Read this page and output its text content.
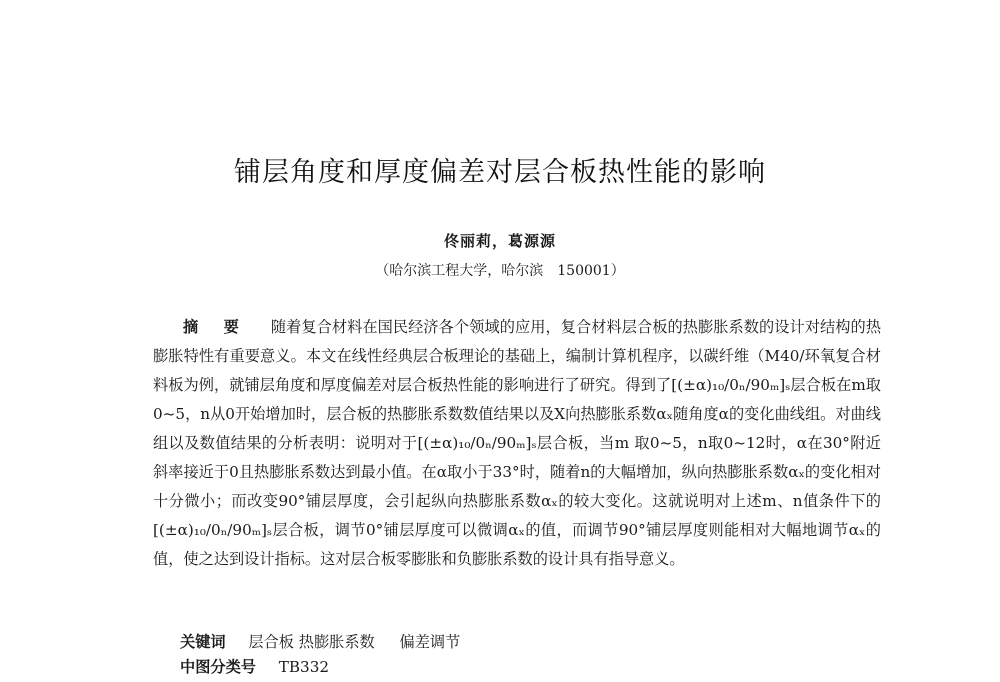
铺层角度和厚度偏差对层合板热性能的影响
佟丽莉，葛源源
（哈尔滨工程大学，哈尔滨　150001）

摘 要 随着复合材料在国民经济各个领域的应用，复合材料层合板的热膨胀系数的设计对结构的热膨胀特性有重要意义。本文在线性经典层合板理论的基础上，编制计算机程序，以碳纤维（M40/环氧复合材料板为例，就铺层角度和厚度偏差对层合板热性能的影响进行了研究。得到了[(±α)₁₀/0ₙ/90ₘ]ₛ层合板在m取0~5，n从0开始增加时，层合板的热膨胀系数数值结果以及X向热膨胀系数αₓ随角度α的变化曲线组。对曲线组以及数值结果的分析表明：说明对于[(±α)₁₀/0ₙ/90ₘ]ₛ层合板，当m 取0~5，n取0~12时，α在30°附近斜率接近于0且热膨胀系数达到最小值。在α取小于33°时，随着n的大幅增加，纵向热膨胀系数αₓ的变化相对十分微小；而改变90°铺层厚度，会引起纵向热膨胀系数αₓ的较大变化。这就说明对上述m、n值条件下的[(±α)₁₀/0ₙ/90ₘ]ₛ层合板，调节0°铺层厚度可以微调αₓ的值，而调节90°铺层厚度则能相对大幅地调节αₓ的值，使之达到设计指标。这对层合板零膨胀和负膨胀系数的设计具有指导意义。

关键词 层合板 热膨胀系数 偏差调节
中图分类号 TB332
